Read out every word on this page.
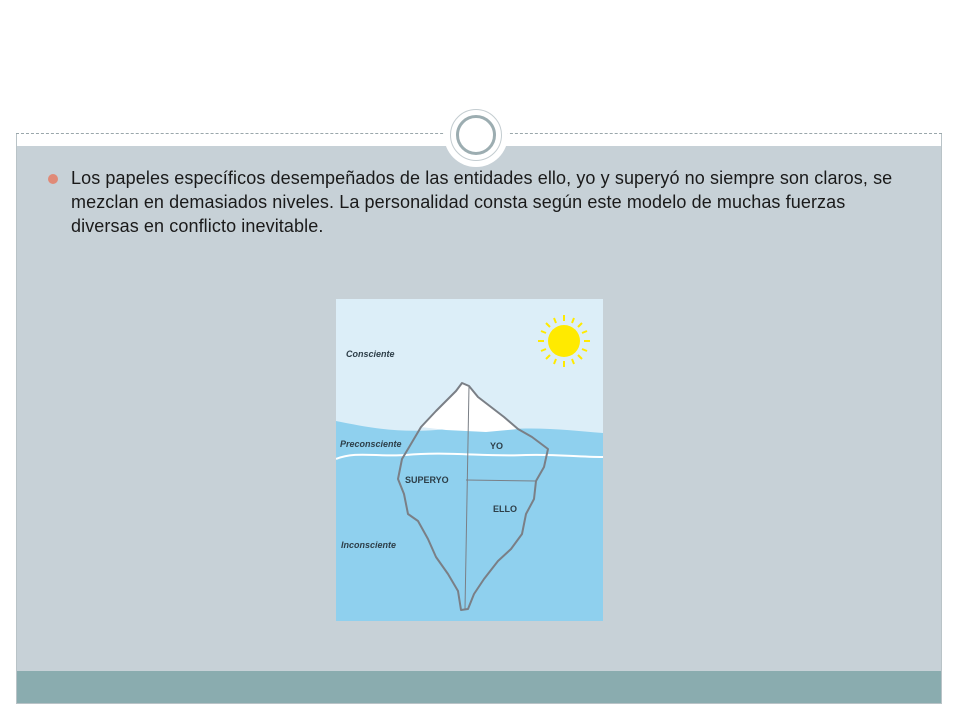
Los papeles específicos desempeñados de las entidades ello, yo y superyó no siempre son claros, se mezclan en demasiados niveles. La personalidad consta según este modelo de muchas fuerzas diversas en conflicto inevitable.

Consciente
Preconsciente
Inconsciente
YO
SUPERYO
ELLO
